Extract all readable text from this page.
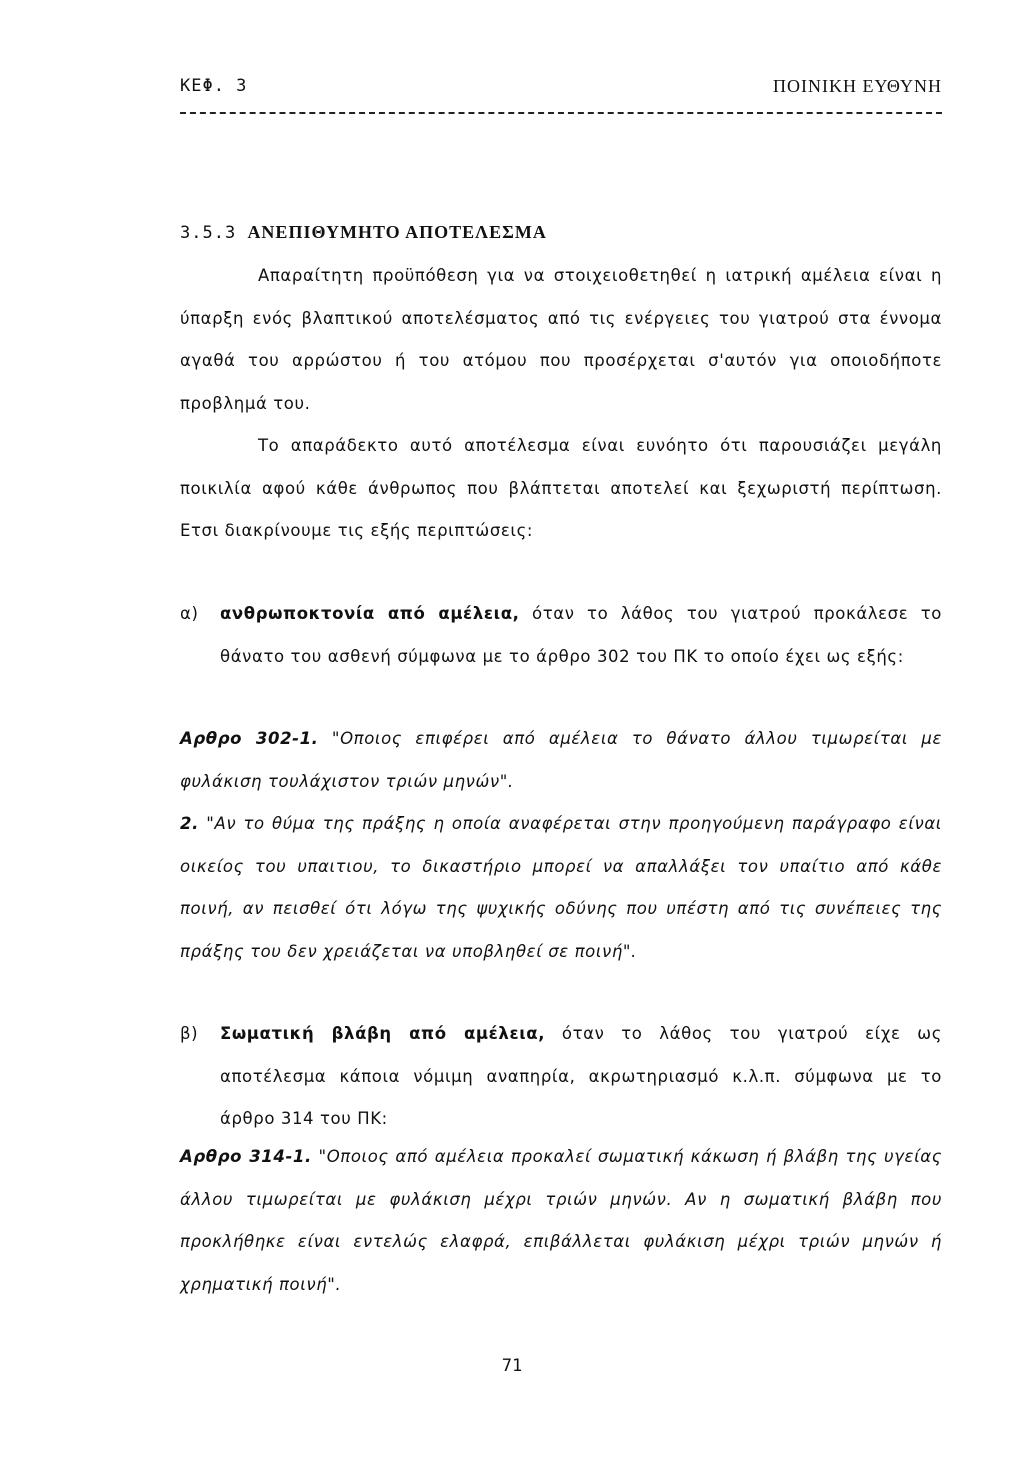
ΚΕΦ. 3	ΠΟΙΝΙΚΗ ΕΥΘΥΝΗ
3.5.3 ΑΝΕΠΙΘΥΜΗΤΟ ΑΠΟΤΕΛΕΣΜΑ
Απαραίτητη προϋπόθεση για να στοιχειοθετηθεί η ιατρική αμέλεια είναι η ύπαρξη ενός βλαπτικού αποτελέσματος από τις ενέργειες του γιατρού στα έννομα αγαθά του αρρώστου ή του ατόμου που προσέρχεται σ'αυτόν για οποιοδήποτε προβλημά του.
Το απαράδεκτο αυτό αποτέλεσμα είναι ευνόητο ότι παρουσιάζει μεγάλη ποικιλία αφού κάθε άνθρωπος που βλάπτεται αποτελεί και ξεχωριστή περίπτωση. Ετσι διακρίνουμε τις εξής περιπτώσεις:
α)	ανθρωποκτονία από αμέλεια, όταν το λάθος του γιατρού προκάλεσε το θάνατο του ασθενή σύμφωνα με το άρθρο 302 του ΠΚ το οποίο έχει ως εξής:
Αρθρο 302-1. "Οποιος επιφέρει από αμέλεια το θάνατο άλλου τιμωρείται με φυλάκιση τουλάχιστον τριών μηνών".
2. "Αν το θύμα της πράξης η οποία αναφέρεται στην προηγούμενη παράγραφο είναι οικείος του υπαιτιου, το δικαστήριο μπορεί να απαλλάξει τον υπαίτιο από κάθε ποινή, αν πεισθεί ότι λόγω της ψυχικής οδύνης που υπέστη από τις συνέπειες της πράξης του δεν χρειάζεται να υποβληθεί σε ποινή".
β)	Σωματική βλάβη από αμέλεια, όταν το λάθος του γιατρού είχε ως αποτέλεσμα κάποια νόμιμη αναπηρία, ακρωτηριασμό κ.λ.π. σύμφωνα με το άρθρο 314 του ΠΚ:
Αρθρο 314-1. "Οποιος από αμέλεια προκαλεί σωματική κάκωση ή βλάβη της υγείας άλλου τιμωρείται με φυλάκιση μέχρι τριών μηνών. Αν η σωματική βλάβη που προκλήθηκε είναι εντελώς ελαφρά, επιβάλλεται φυλάκιση μέχρι τριών μηνών ή χρηματική ποινή".
71
